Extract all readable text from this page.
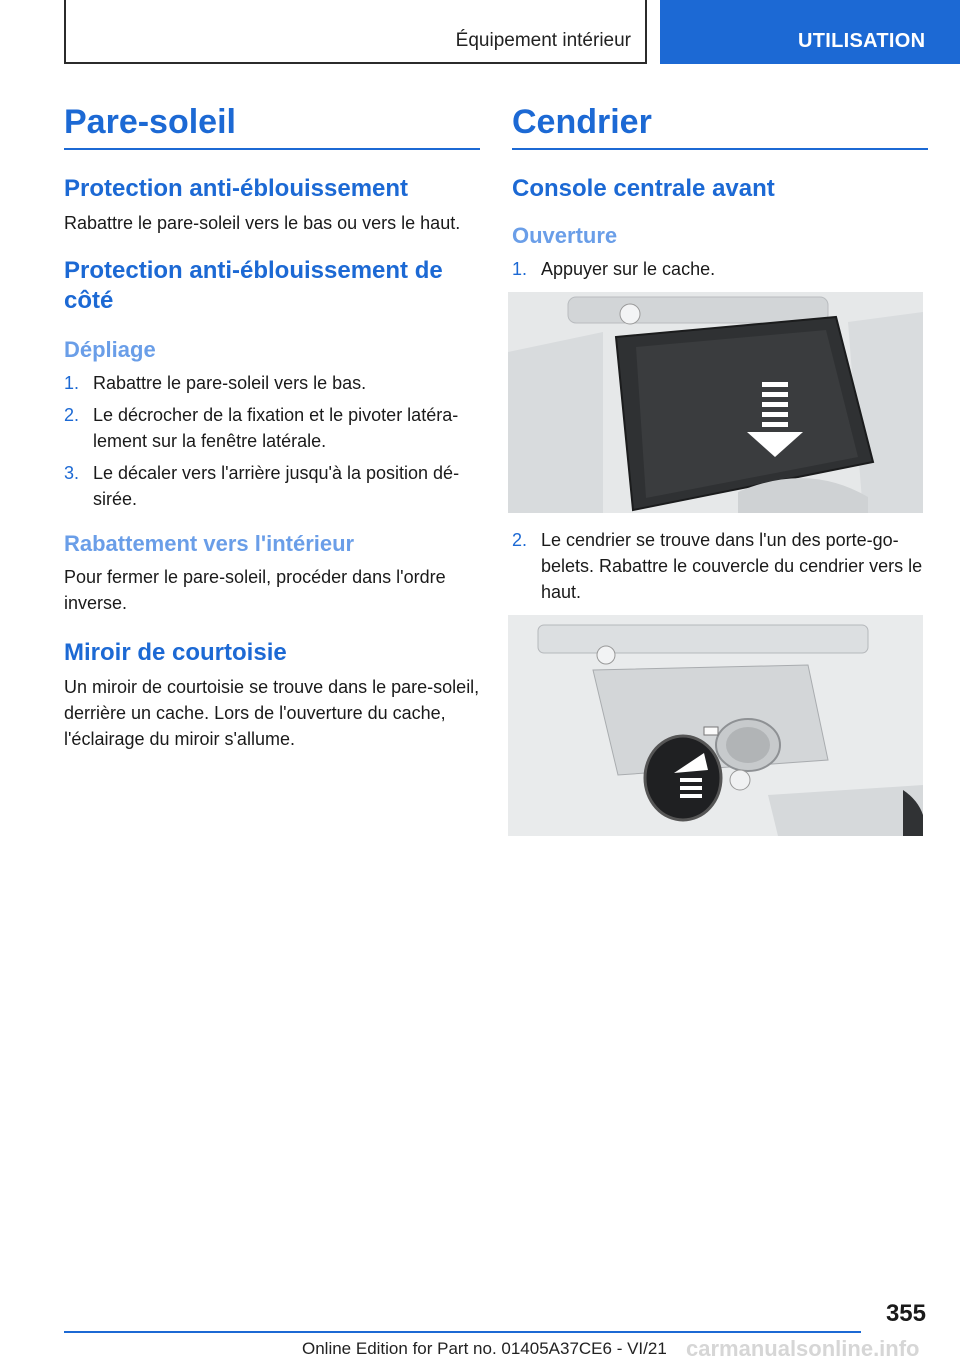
Équipement intérieur	UTILISATION
Pare-soleil
Protection anti-éblouissement

Rabattre le pare-soleil vers le bas ou vers le haut.

Protection anti-éblouissement de côté
Dépliage
1. Rabattre le pare-soleil vers le bas.
2. Le décrocher de la fixation et le pivoter latéralement sur la fenêtre latérale.
3. Le décaler vers l'arrière jusqu'à la position désirée.
Rabattement vers l'intérieur

Pour fermer le pare-soleil, procéder dans l'ordre inverse.

Miroir de courtoisie

Un miroir de courtoisie se trouve dans le pare-soleil, derrière un cache. Lors de l'ouverture du cache, l'éclairage du miroir s'allume.

Cendrier
Console centrale avant
Ouverture
1. Appuyer sur le cache.
2. Le cendrier se trouve dans l'un des porte-gobelets. Rabattre le couvercle du cendrier vers le haut.
355
Online Edition for Part no. 01405A37CE6 - VI/21 carmanualsonline.info
